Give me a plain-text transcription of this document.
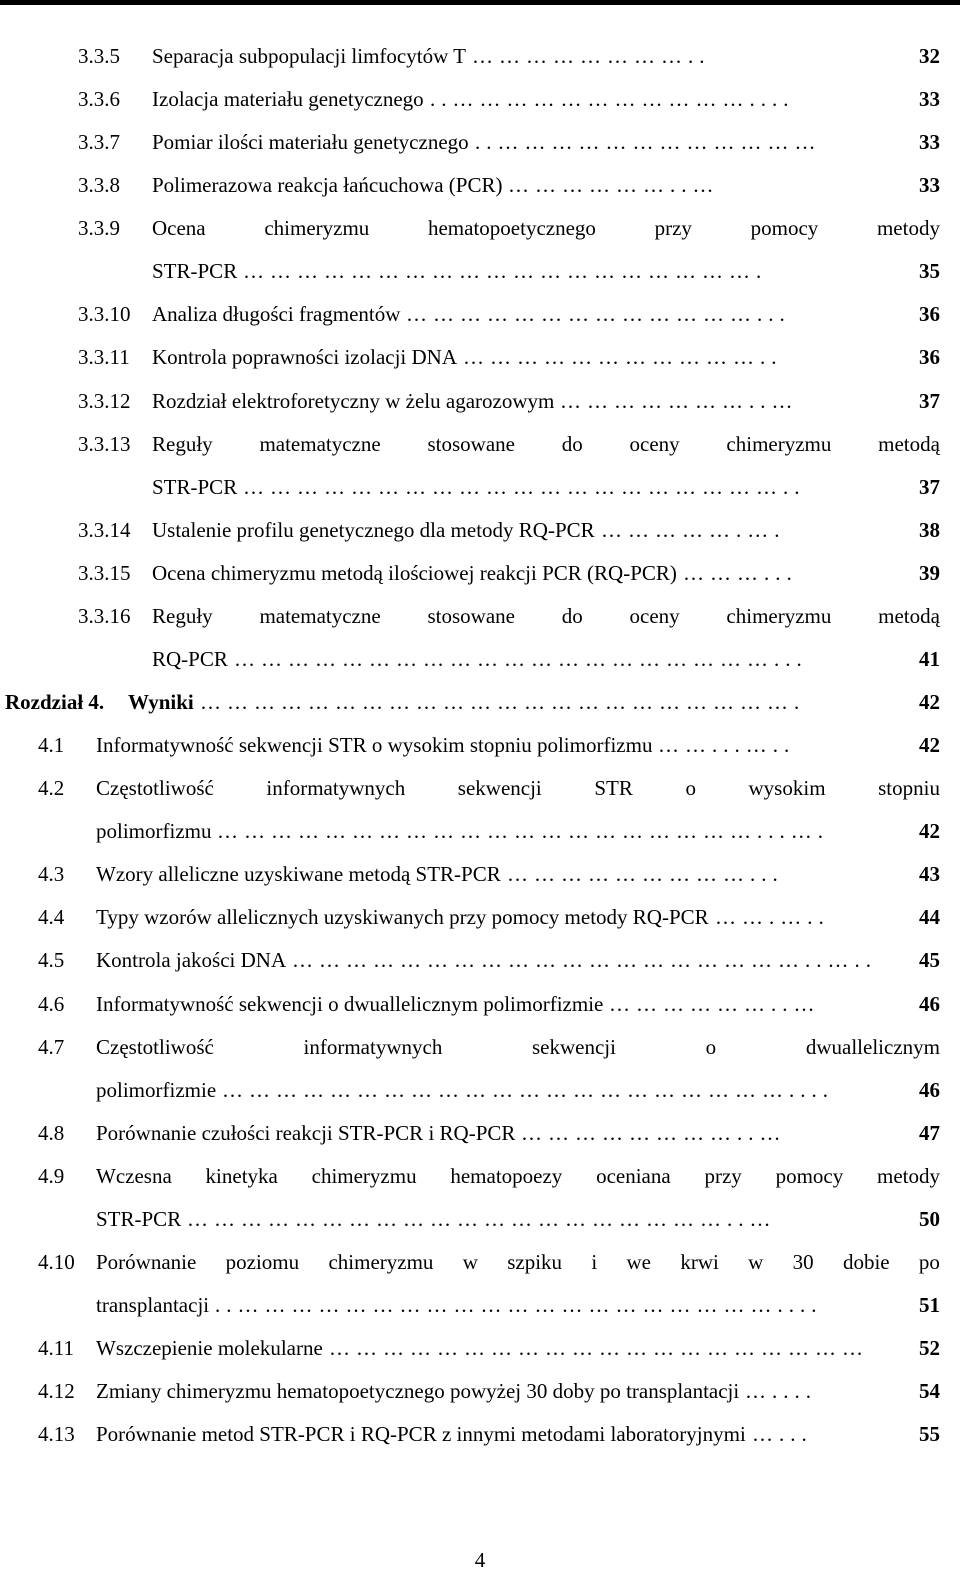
3.3.5 Separacja subpopulacji limfocytów T ……………………..	32
3.3.6 Izolacja materiału genetycznego ..……………………………....	33
3.3.7 Pomiar ilości materiału genetycznego ..………………………………	33
3.3.8 Polimerazowa reakcja łańcuchowa (PCR) ………………..…	33
3.3.9 Ocena	chimeryzmu	hematopoetycznego	przy	pomocy	metody
STR-PCR ………………………………………………….	35
3.3.10 Analiza długości fragmentów …………………………………...	36
3.3.11 Kontrola poprawności izolacji DNA ……………………………..	36
3.3.12 Rozdział elektroforetyczny w żelu agarozowym …………………..…	37
3.3.13 Reguły matematyczne stosowane do oceny chimeryzmu metodą
STR-PCR ……………………………………………………..	37
3.3.14 Ustalenie profilu genetycznego dla metody RQ-PCR …………….….	38
3.3.15 Ocena chimeryzmu metodą ilościowej reakcji PCR (RQ-PCR) ………...	39
3.3.16 Reguły matematyczne stosowane do oceny chimeryzmu metodą
RQ-PCR ……………………………………………………...	41
Rozdział 4. Wyniki ………………………………………………………….	42
4.1 Informatywność sekwencji STR o wysokim stopniu polimorfizmu ……...…..	42
4.2 Częstotliwość	informatywnych	sekwencji	STR	o	wysokim	stopniu
polimorfizmu ……………………………………………………...….	42
4.3 Wzory alleliczne uzyskiwane metodą STR-PCR ………………………...	43
4.4 Typy wzorów allelicznych uzyskiwanych przy pomocy metody RQ-PCR …….…..	44
4.5 Kontrola jakości DNA …………………………………………………..…..	45
4.6 Informatywność sekwencji o dwuallelicznym polimorfizmie ………………..…	46
4.7 Częstotliwość	informatywnych	sekwencji	o	dwuallelicznym
polimorfizmie ………………………………………………………....	46
4.8 Porównanie czułości reakcji STR-PCR i RQ-PCR ……………………..…	47
4.9 Wczesna kinetyka chimeryzmu hematopoezy oceniana przy pomocy metody
STR-PCR ……………………………………………………..…	50
4.10 Porównanie poziomu chimeryzmu w szpiku i we krwi w 30 dobie po
transplantacji ..……………………………………………………....	51
4.11 Wszczepienie molekularne ……………………………………………………	52
4.12 Zmiany chimeryzmu hematopoetycznego powyżej 30 doby po transplantacji …....	54
4.13 Porównanie metod STR-PCR i RQ-PCR z innymi metodami laboratoryjnymi …...	55
4
